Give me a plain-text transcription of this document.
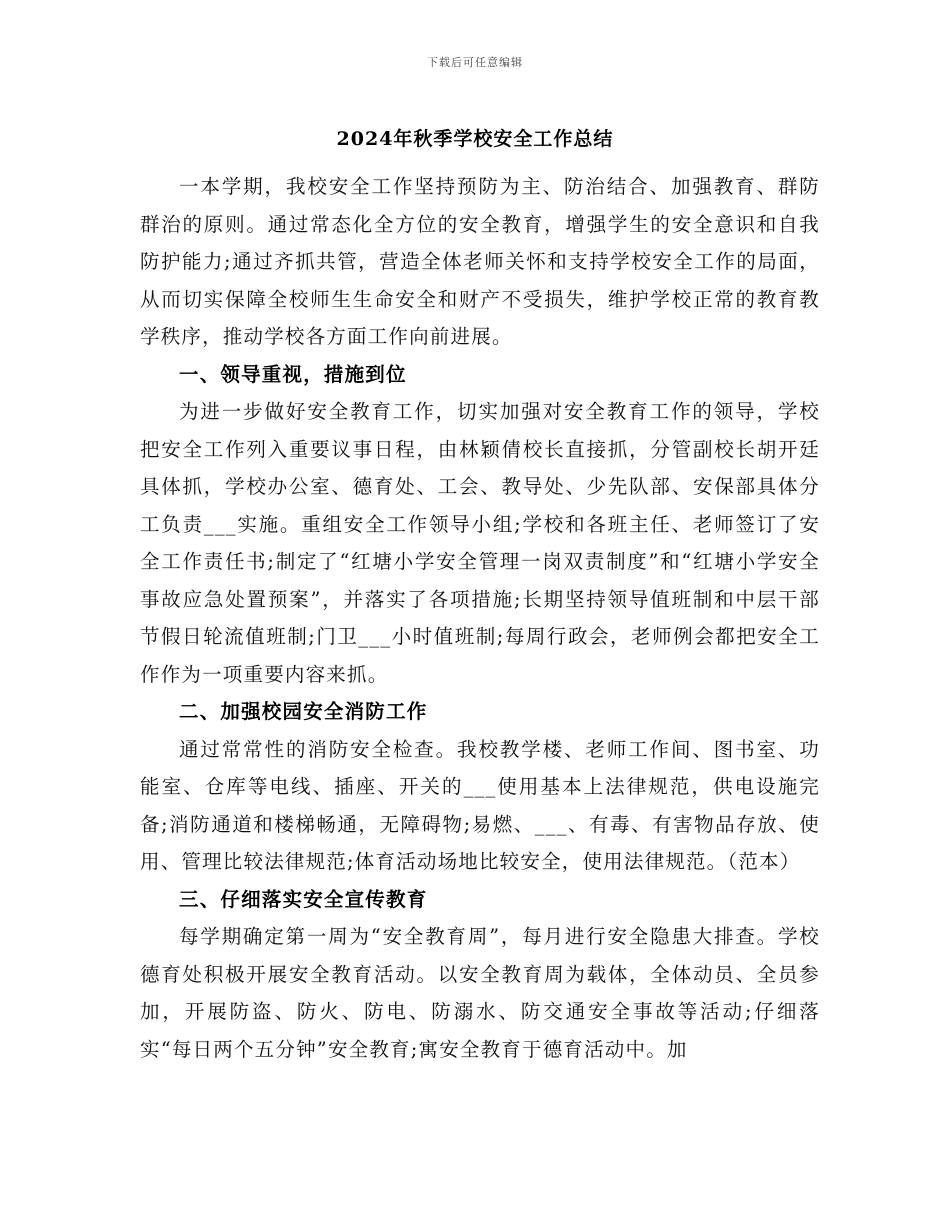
下载后可任意编辑
2024年秋季学校安全工作总结

一本学期，我校安全工作坚持预防为主、防治结合、加强教育、群防群治的原则。通过常态化全方位的安全教育，增强学生的安全意识和自我防护能力;通过齐抓共管，营造全体老师关怀和支持学校安全工作的局面，从而切实保障全校师生生命安全和财产不受损失，维护学校正常的教育教学秩序，推动学校各方面工作向前进展。

一、领导重视，措施到位

为进一步做好安全教育工作，切实加强对安全教育工作的领导，学校把安全工作列入重要议事日程，由林颖倩校长直接抓，分管副校长胡开廷具体抓，学校办公室、德育处、工会、教导处、少先队部、安保部具体分工负责___实施。重组安全工作领导小组;学校和各班主任、老师签订了安全工作责任书;制定了“红塘小学安全管理一岗双责制度”和“红塘小学安全事故应急处置预案”，并落实了各项措施;长期坚持领导值班制和中层干部节假日轮流值班制;门卫___小时值班制;每周行政会，老师例会都把安全工作作为一项重要内容来抓。

二、加强校园安全消防工作

通过常常性的消防安全检查。我校教学楼、老师工作间、图书室、功能室、仓库等电线、插座、开关的___使用基本上法律规范，供电设施完备;消防通道和楼梯畅通，无障碍物;易燃、___、有毒、有害物品存放、使用、管理比较法律规范;体育活动场地比较安全，使用法律规范。（范本）

三、仔细落实安全宣传教育

每学期确定第一周为“安全教育周”，每月进行安全隐患大排查。学校德育处积极开展安全教育活动。以安全教育周为载体，全体动员、全员参加，开展防盗、防火、防电、防溺水、防交通安全事故等活动;仔细落实“每日两个五分钟”安全教育;寓安全教育于德育活动中。加
